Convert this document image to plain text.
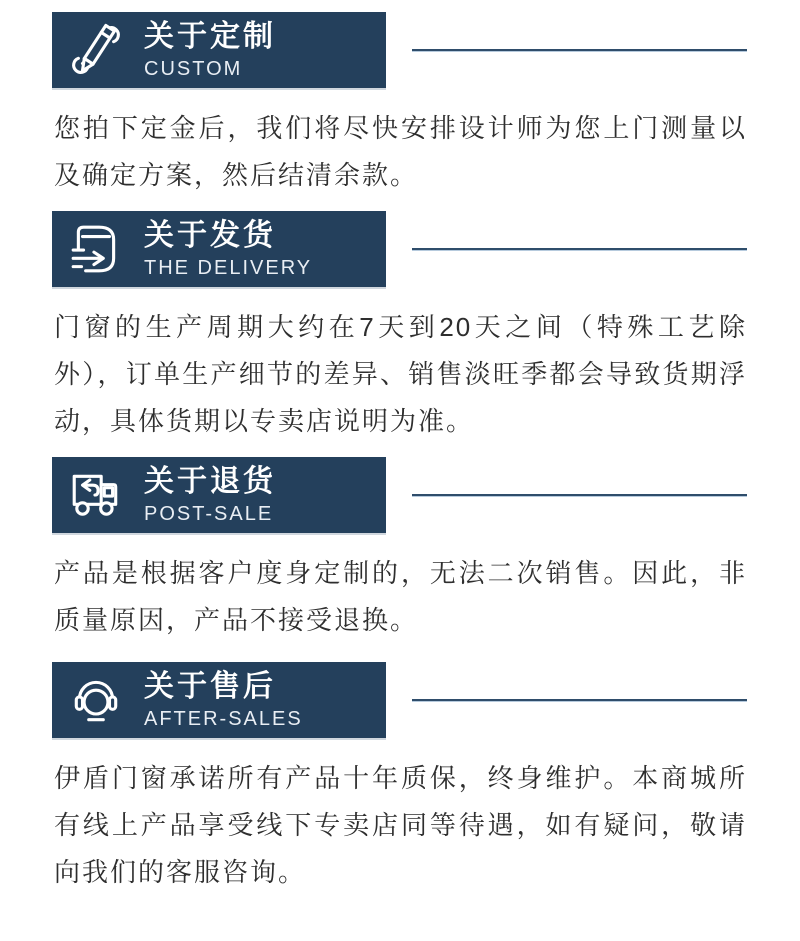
关于定制
CUSTOM

您拍下定金后，我们将尽快安排设计师为您上门测量以及确定方案，然后结清余款。

关于发货
THE DELIVERY

门窗的生产周期大约在7天到20天之间（特殊工艺除外），订单生产细节的差异、销售淡旺季都会导致货期浮动，具体货期以专卖店说明为准。

关于退货
POST-SALE

产品是根据客户度身定制的，无法二次销售。因此，非质量原因，产品不接受退换。

关于售后
AFTER-SALES

伊盾门窗承诺所有产品十年质保，终身维护。本商城所有线上产品享受线下专卖店同等待遇，如有疑问，敬请向我们的客服咨询。
